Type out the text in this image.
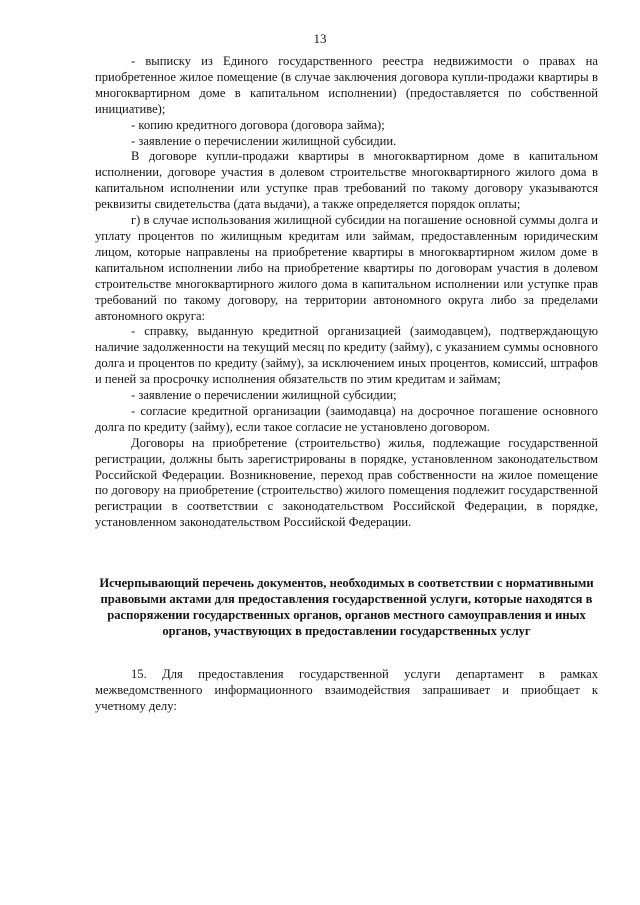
13

- выписку из Единого государственного реестра недвижимости о правах на приобретенное жилое помещение (в случае заключения договора купли-продажи квартиры в многоквартирном доме в капитальном исполнении) (предоставляется по собственной инициативе);

- копию кредитного договора (договора займа);

- заявление о перечислении жилищной субсидии.

В договоре купли-продажи квартиры в многоквартирном доме в капитальном исполнении, договоре участия в долевом строительстве многоквартирного жилого дома в капитальном исполнении или уступке прав требований по такому договору указываются реквизиты свидетельства (дата выдачи), а также определяется порядок оплаты;

г) в случае использования жилищной субсидии на погашение основной суммы долга и уплату процентов по жилищным кредитам или займам, предоставленным юридическим лицом, которые направлены на приобретение квартиры в многоквартирном жилом доме в капитальном исполнении либо на приобретение квартиры по договорам участия в долевом строительстве многоквартирного жилого дома в капитальном исполнении или уступке прав требований по такому договору, на территории автономного округа либо за пределами автономного округа:

- справку, выданную кредитной организацией (заимодавцем), подтверждающую наличие задолженности на текущий месяц по кредиту (займу), с указанием суммы основного долга и процентов по кредиту (займу), за исключением иных процентов, комиссий, штрафов и пеней за просрочку исполнения обязательств по этим кредитам и займам;

- заявление о перечислении жилищной субсидии;

- согласие кредитной организации (заимодавца) на досрочное погашение основного долга по кредиту (займу), если такое согласие не установлено договором.

Договоры на приобретение (строительство) жилья, подлежащие государственной регистрации, должны быть зарегистрированы в порядке, установленном законодательством Российской Федерации. Возникновение, переход прав собственности на жилое помещение по договору на приобретение (строительство) жилого помещения подлежит государственной регистрации в соответствии с законодательством Российской Федерации, в порядке, установленном законодательством Российской Федерации.

Исчерпывающий перечень документов, необходимых в соответствии с нормативными правовыми актами для предоставления государственной услуги, которые находятся в распоряжении государственных органов, органов местного самоуправления и иных органов, участвующих в предоставлении государственных услуг

15. Для предоставления государственной услуги департамент в рамках межведомственного информационного взаимодействия запрашивает и приобщает к учетному делу:
